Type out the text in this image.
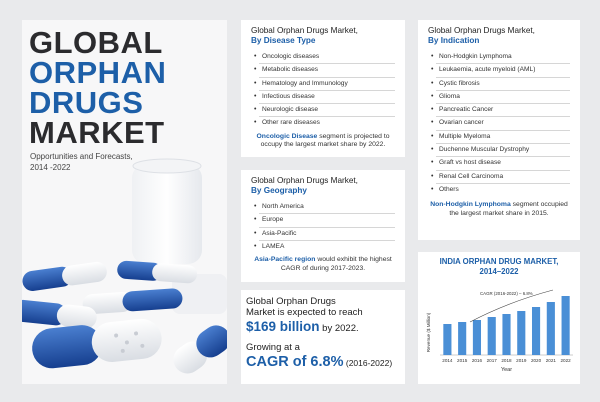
GLOBAL
ORPHAN
DRUGS
MARKET
Opportunities and Forecasts,
2014 -2022
Global Orphan Drugs Market,
By Disease Type
• Oncologic diseases
• Metabolic diseases
• Hematology and Immunology
• Infectious disease
• Neurologic disease
• Other rare diseases
Oncologic Disease segment is projected to occupy the largest market share by 2022.
Global Orphan Drugs Market,
By Geography
• North America
• Europe
• Asia-Pacific
• LAMEA
Asia-Pacific region would exhibit the highest CAGR of during 2017-2023.
Global Orphan Drugs
Market is expected to reach
$169 billion by 2022.
Growing at a
CAGR of 6.8% (2016-2022)
Global Orphan Drugs Market,
By Indication
• Non-Hodgkin Lymphoma
• Leukaemia, acute myeloid (AML)
• Cystic fibrosis
• Glioma
• Pancreatic Cancer
• Ovarian cancer
• Multiple Myeloma
• Duchenne Muscular Dystrophy
• Graft vs host disease
• Renal Cell Carcinoma
• Others
Non-Hodgkin Lymphoma segment occupied the largest market share in 2015.
INDIA ORPHAN DRUG MARKET,
2014–2022
2014 2015 2016 2017 2018 2019 2020 2021 2022
Year
Revenue ($ Million)
CAGR (2016-2022) – 6.8%
